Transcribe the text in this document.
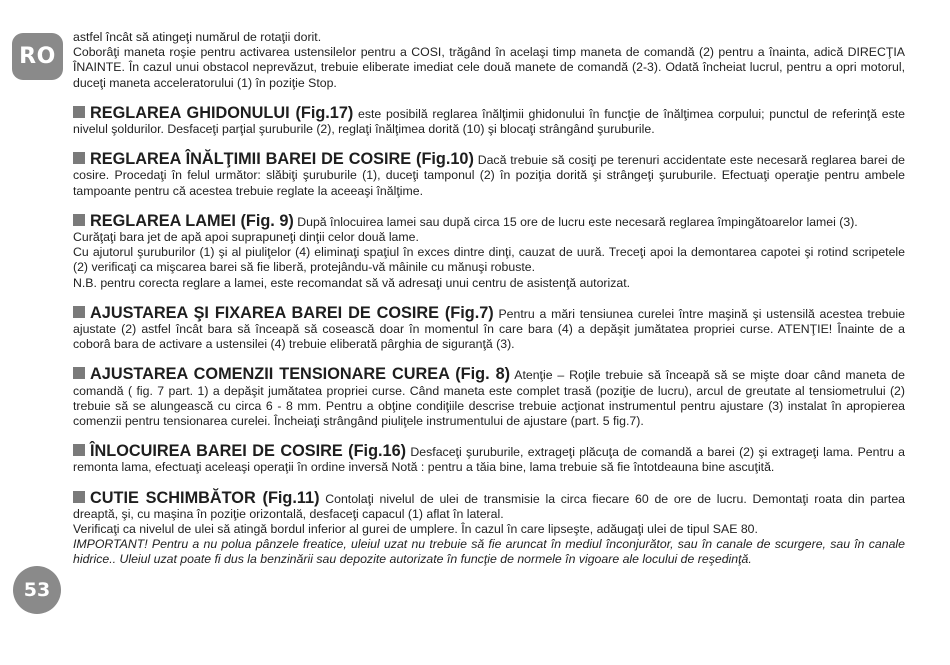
RO

astfel încât să atingeţi numărul de rotaţii dorit.

Coborâţi maneta roşie pentru activarea ustensilelor pentru a COSI, trăgând în acelaşi timp maneta de comandă (2) pentru a înainta, adică DIRECŢIA ÎNAINTE. În cazul unui obstacol neprevăzut, trebuie eliberate imediat cele două manete de comandă (2-3). Odată încheiat lucrul, pentru a opri motorul, duceţi maneta acceleratorului (1) în poziţie Stop.

REGLAREA GHIDONULUI (Fig.17) este posibilă reglarea înălţimii ghidonului în funcţie de înălţimea corpului; punctul de referinţă este nivelul şoldurilor. Desfaceţi parţial şuruburile (2), reglaţi înălţimea dorită (10) şi blocaţi strângând şuruburile.

REGLAREA ÎNĂLŢIMII BAREI DE COSIRE (Fig.10) Dacă trebuie să cosiţi pe terenuri accidentate este necesară reglarea barei de cosire. Procedaţi în felul următor: slăbiţi şuruburile (1), duceţi tamponul (2) în poziţia dorită şi strângeţi şuruburile. Efectuaţi operaţie pentru ambele tampoante pentru că acestea trebuie reglate la aceeaşi înălţime.

REGLAREA LAMEI (Fig. 9) După înlocuirea lamei sau după circa 15 ore de lucru este necesară reglarea împingătoarelor lamei (3).

Curăţaţi bara jet de apă apoi suprapuneţi dinţii celor două lame.

Cu ajutorul şuruburilor (1) şi al piuliţelor (4) eliminaţi spaţiul în exces dintre dinţi, cauzat de uură. Treceţi apoi la demontarea capotei şi rotind scripetele (2) verificaţi ca mişcarea barei să fie liberă, protejându-vă mâinile cu mănuşi robuste.

N.B. pentru corecta reglare a lamei, este recomandat să vă adresaţi unui centru de asistenţă autorizat.

AJUSTAREA ŞI FIXAREA BAREI DE COSIRE (Fig.7) Pentru a mări tensiunea curelei între maşină şi ustensilă acestea trebuie ajustate (2) astfel încât bara să înceapă să cosească doar în momentul în care bara (4) a depăşit jumătatea propriei curse. ATENŢIE! Înainte de a coborâ bara de activare a ustensilei (4) trebuie eliberată pârghia de siguranţă (3).

AJUSTAREA COMENZII TENSIONARE CUREA (Fig. 8) Atenţie – Roţile trebuie să înceapă să se mişte doar când maneta de comandă ( fig. 7 part. 1) a depăşit jumătatea propriei curse. Când maneta este complet trasă (poziţie de lucru), arcul de greutate al tensiometrului (2) trebuie să se alungească cu circa 6 - 8 mm. Pentru a obţine condiţiile descrise trebuie acţionat instrumentul pentru ajustare (3) instalat în apropierea comenzii pentru tensionarea curelei. Încheiaţi strângând piuliţele instrumentului de ajustare (part. 5 fig.7).

ÎNLOCUIREA BAREI DE COSIRE (Fig.16) Desfaceţi şuruburile, extrageţi plăcuţa de comandă a barei (2) şi extrageţi lama. Pentru a remonta lama, efectuaţi aceleaşi operaţii în ordine inversă Notă : pentru a tăia bine, lama trebuie să fie întotdeauna bine ascuţită.

CUTIE SCHIMBĂTOR (Fig.11) Contolaţi nivelul de ulei de transmisie la circa fiecare 60 de ore de lucru. Demontaţi roata din partea dreaptă, şi, cu maşina în poziţie orizontală, desfaceţi capacul (1) aflat în lateral.

Verificaţi ca nivelul de ulei să atingă bordul inferior al gurei de umplere. În cazul în care lipseşte, adăugaţi ulei de tipul SAE 80.

IMPORTANT! Pentru a nu polua pânzele freatice, uleiul uzat nu trebuie să fie aruncat în mediul înconjurător, sau în canale de scurgere, sau în canale hidrice.. Uleiul uzat poate fi dus la benzinării sau depozite autorizate în funcţie de normele în vigoare ale locului de reşedinţă.

53
